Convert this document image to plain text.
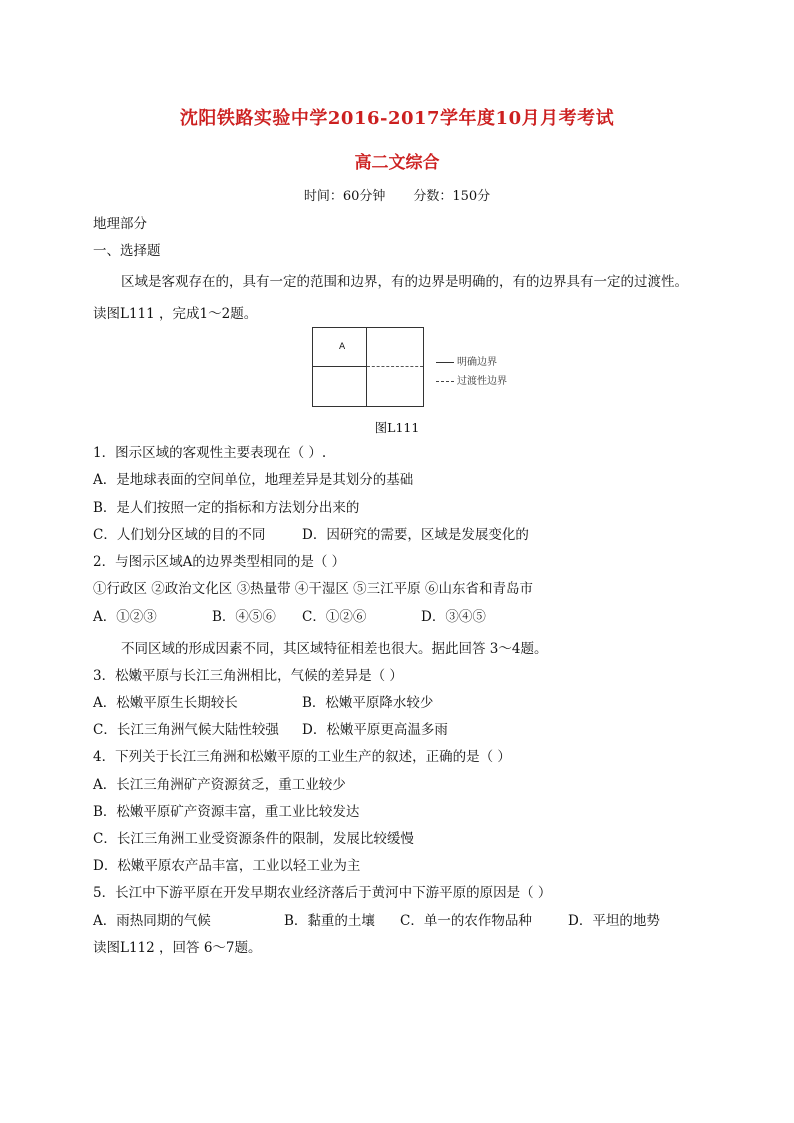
沈阳铁路实验中学2016-2017学年度10月月考考试
高二文综合
时间：60分钟 分数：150分
地理部分
一、选择题
区域是客观存在的，具有一定的范围和边界，有的边界是明确的，有的边界具有一定的过渡性。
读图L111 ，完成1～2题。
A
明确边界
过渡性边界
图L111
1．图示区域的客观性主要表现在（ ）.
A．是地球表面的空间单位，地理差异是其划分的基础
B．是人们按照一定的指标和方法划分出来的
C．人们划分区域的目的不同	D．因研究的需要，区域是发展变化的
2．与图示区域A的边界类型相同的是（ ）
①行政区 ②政治文化区 ③热量带 ④干湿区 ⑤三江平原 ⑥山东省和青岛市
A．①②③	B．④⑤⑥ C．①②⑥	D．③④⑤
不同区域的形成因素不同，其区域特征相差也很大。据此回答 3～4题。
3．松嫩平原与长江三角洲相比，气候的差异是（ ）
A．松嫩平原生长期较长	B．松嫩平原降水较少
C．长江三角洲气候大陆性较强 D．松嫩平原更高温多雨
4．下列关于长江三角洲和松嫩平原的工业生产的叙述，正确的是（ ）
A．长江三角洲矿产资源贫乏，重工业较少
B．松嫩平原矿产资源丰富，重工业比较发达
C．长江三角洲工业受资源条件的限制，发展比较缓慢
D．松嫩平原农产品丰富，工业以轻工业为主
5．长江中下游平原在开发早期农业经济落后于黄河中下游平原的原因是（ ）
A．雨热同期的气候	B．黏重的土壤 C．单一的农作物品种	D．平坦的地势
读图L112 ，回答 6～7题。
